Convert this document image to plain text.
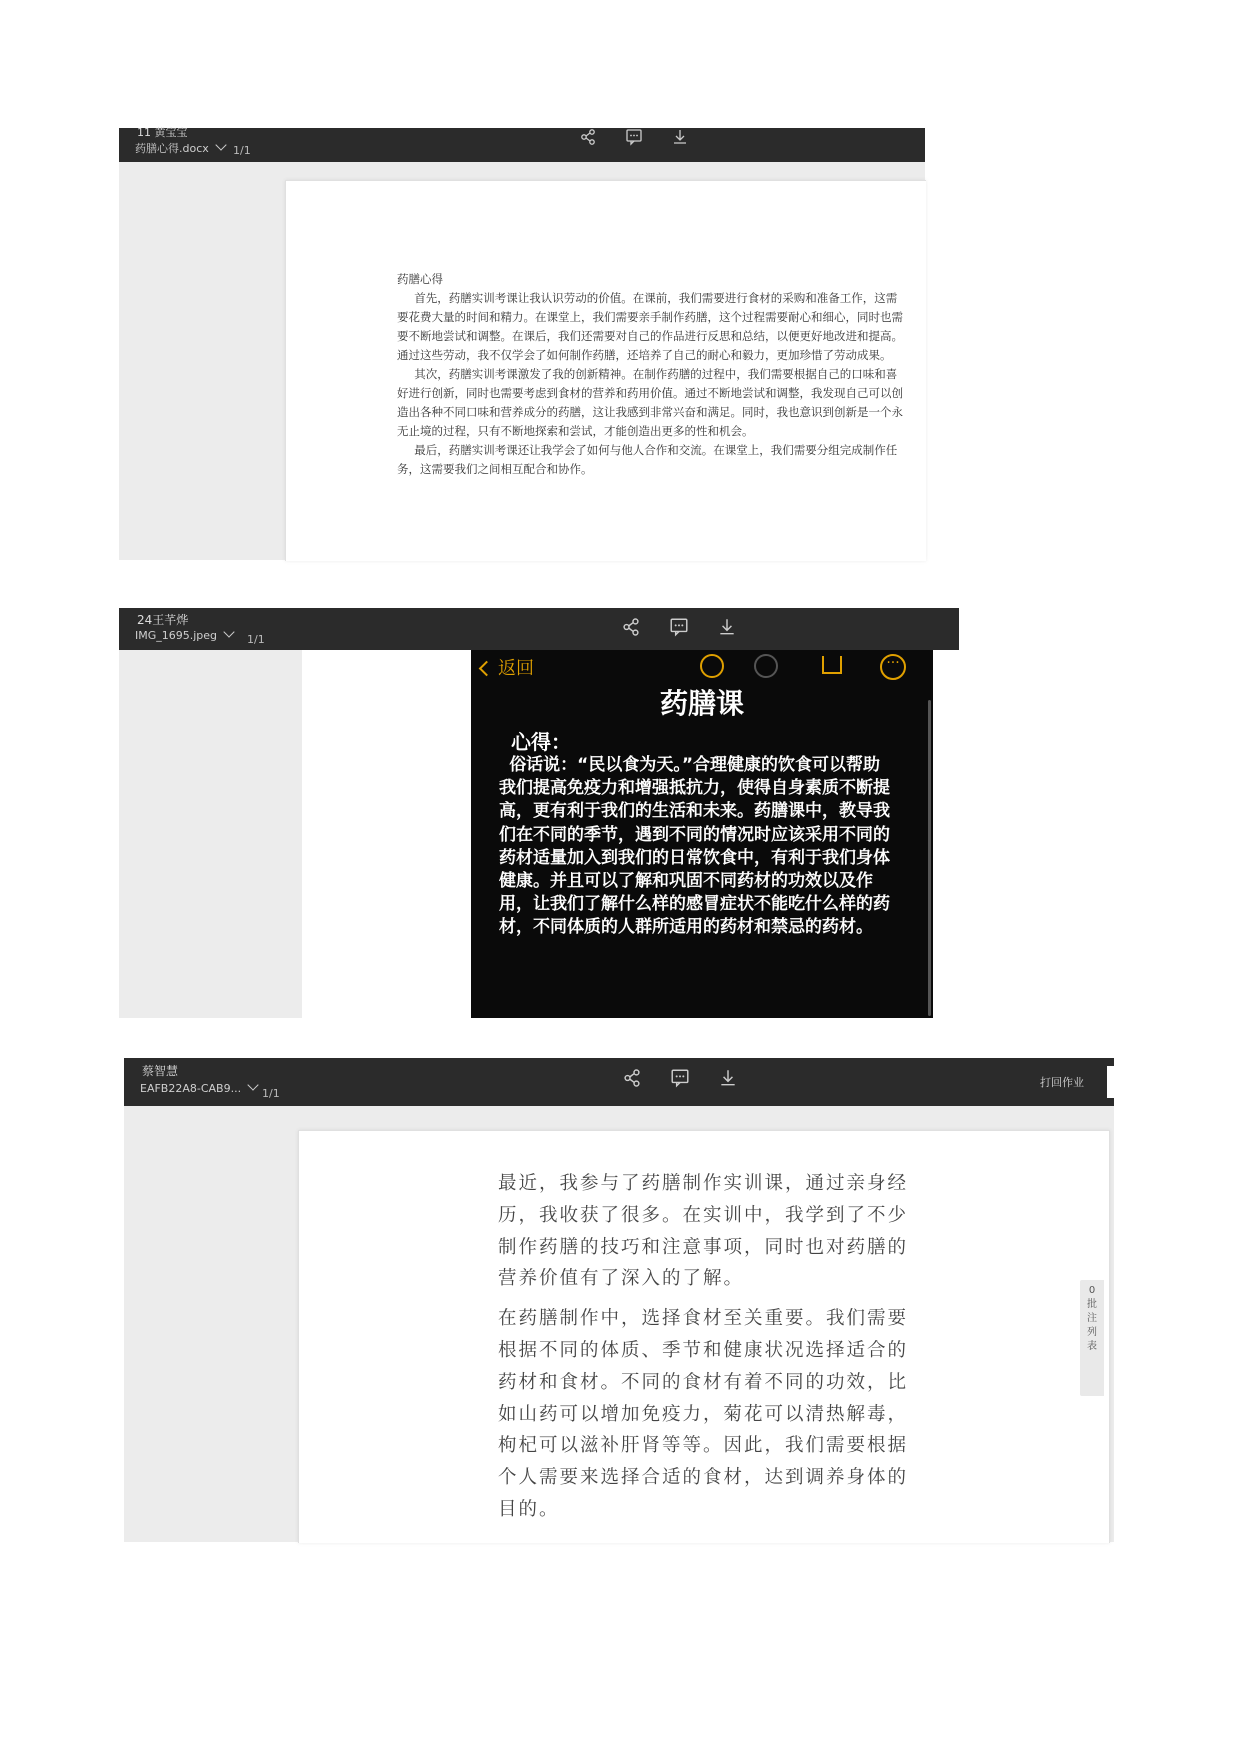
11 黄宝宝
药膳心得.docx	1/1

药膳心得

首先，药膳实训考课让我认识劳动的价值。在课前，我们需要进行食材的采购和准备工作，这需要花费大量的时间和精力。在课堂上，我们需要亲手制作药膳，这个过程需要耐心和细心，同时也需要不断地尝试和调整。在课后，我们还需要对自己的作品进行反思和总结，以便更好地改进和提高。通过这些劳动，我不仅学会了如何制作药膳，还培养了自己的耐心和毅力，更加珍惜了劳动成果。

其次，药膳实训考课激发了我的创新精神。在制作药膳的过程中，我们需要根据自己的口味和喜好进行创新，同时也需要考虑到食材的营养和药用价值。通过不断地尝试和调整，我发现自己可以创造出各种不同口味和营养成分的药膳，这让我感到非常兴奋和满足。同时，我也意识到创新是一个永无止境的过程，只有不断地探索和尝试，才能创造出更多的性和机会。

最后，药膳实训考课还让我学会了如何与他人合作和交流。在课堂上，我们需要分组完成制作任务，这需要我们之间相互配合和协作。

返回	···
药膳课
心得：
俗话说：“民以食为天。”合理健康的饮食可以帮助我们提高免疫力和增强抵抗力，使得自身素质不断提高，更有利于我们的生活和未来。药膳课中，教导我们在不同的季节，遇到不同的情况时应该采用不同的药材适量加入到我们的日常饮食中，有利于我们身体健康。并且可以了解和巩固不同药材的功效以及作用，让我们了解什么样的感冒症状不能吃什么样的药材，不同体质的人群所适用的药材和禁忌的药材。
24王芊烨
IMG_1695.jpeg	1/1
蔡智慧
EAFB22A8-CAB9...	1/1
打回作业

最近，我参与了药膳制作实训课，通过亲身经历，我收获了很多。在实训中，我学到了不少制作药膳的技巧和注意事项，同时也对药膳的营养价值有了深入的了解。

在药膳制作中，选择食材至关重要。我们需要根据不同的体质、季节和健康状况选择适合的药材和食材。不同的食材有着不同的功效，比如山药可以增加免疫力，菊花可以清热解毒，枸杞可以滋补肝肾等等。因此，我们需要根据个人需要来选择合适的食材，达到调养身体的目的。

0 批注列表
